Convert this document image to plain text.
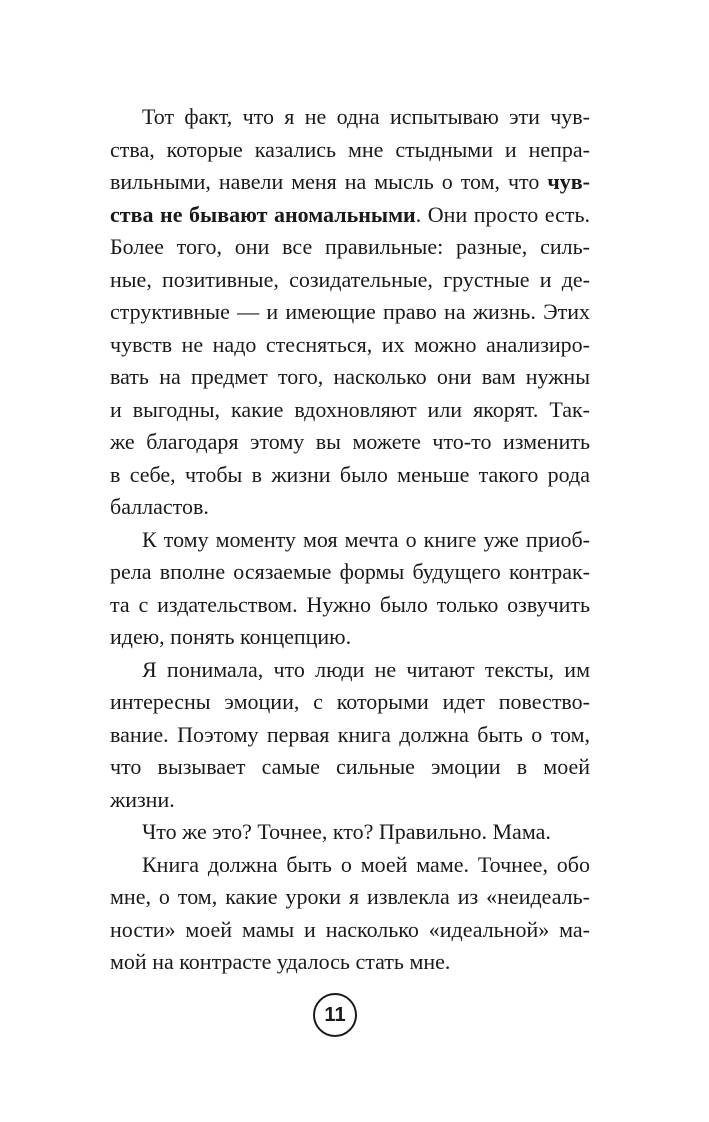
Тот факт, что я не одна испытываю эти чув-
ства, которые казались мне стыдными и непра-
вильными, навели меня на мысль о том, что чув-
ства не бывают аномальными. Они просто есть.
Более того, они все правильные: разные, силь-
ные, позитивные, созидательные, грустные и де-
структивные — и имеющие право на жизнь. Этих
чувств не надо стесняться, их можно анализиро-
вать на предмет того, насколько они вам нужны
и выгодны, какие вдохновляют или якорят. Так-
же благодаря этому вы можете что-то изменить
в себе, чтобы в жизни было меньше такого рода
балластов.
К тому моменту моя мечта о книге уже приоб-
рела вполне осязаемые формы будущего контрак-
та с издательством. Нужно было только озвучить
идею, понять концепцию.
Я понимала, что люди не читают тексты, им
интересны эмоции, с которыми идет повество-
вание. Поэтому первая книга должна быть о том,
что вызывает самые сильные эмоции в моей
жизни.
Что же это? Точнее, кто? Правильно. Мама.
Книга должна быть о моей маме. Точнее, обо
мне, о том, какие уроки я извлекла из «неидеаль-
ности» моей мамы и насколько «идеальной» ма-
мой на контрасте удалось стать мне.
11
